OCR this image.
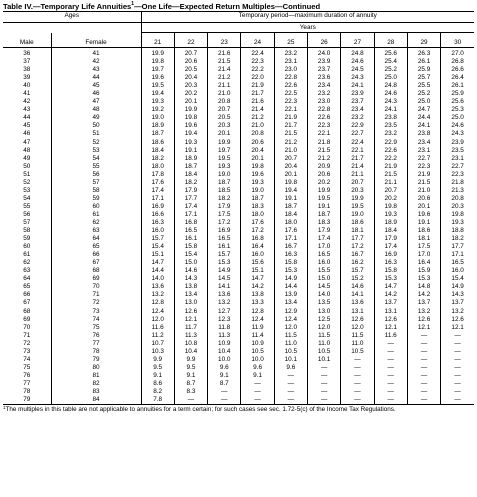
Table IV.—Temporary Life Annuities$^1$—One Life—Expected Return Multiples—Continued
Ages		Temporary period—maximum duration of annuity									
		Years									
Male	Female	21	22	23	24	25	26	27	28	29	30
36	41	19.9	20.7	21.6	22.4	23.2	24.0	24.8	25.6	26.3	27.0
37	42	19.8	20.6	21.5	22.3	23.1	23.9	24.6	25.4	26.1	26.8
38	43	19.7	20.5	21.4	22.2	23.0	23.7	24.5	25.2	25.9	26.6
39	44	19.6	20.4	21.2	22.0	22.8	23.6	24.3	25.0	25.7	26.4
40	45	19.5	20.3	21.1	21.9	22.6	23.4	24.1	24.8	25.5	26.1
41	46	19.4	20.2	21.0	21.7	22.5	23.2	23.9	24.6	25.2	25.9
42	47	19.3	20.1	20.8	21.6	22.3	23.0	23.7	24.3	25.0	25.6
43	48	19.2	19.9	20.7	21.4	22.1	22.8	23.4	24.1	24.7	25.3
44	49	19.0	19.8	20.5	21.2	21.9	22.6	23.2	23.8	24.4	25.0
45	50	18.9	19.6	20.3	21.0	21.7	22.3	22.9	23.5	24.1	24.6
46	51	18.7	19.4	20.1	20.8	21.5	22.1	22.7	23.2	23.8	24.3
47	52	18.6	19.3	19.9	20.6	21.2	21.8	22.4	22.9	23.4	23.9
48	53	18.4	19.1	19.7	20.4	21.0	21.5	22.1	22.6	23.1	23.5
49	54	18.2	18.9	19.5	20.1	20.7	21.2	21.7	22.2	22.7	23.1
50	55	18.0	18.7	19.3	19.8	20.4	20.9	21.4	21.9	22.3	22.7
51	56	17.8	18.4	19.0	19.6	20.1	20.6	21.1	21.5	21.9	22.3
52	57	17.6	18.2	18.7	19.3	19.8	20.2	20.7	21.1	21.5	21.8
53	58	17.4	17.9	18.5	19.0	19.4	19.9	20.3	20.7	21.0	21.3
54	59	17.1	17.7	18.2	18.7	19.1	19.5	19.9	20.2	20.6	20.8
55	60	16.9	17.4	17.9	18.3	18.7	19.1	19.5	19.8	20.1	20.3
56	61	16.6	17.1	17.5	18.0	18.4	18.7	19.0	19.3	19.6	19.8
57	62	16.3	16.8	17.2	17.6	18.0	18.3	18.6	18.9	19.1	19.3
58	63	16.0	16.5	16.9	17.2	17.6	17.9	18.1	18.4	18.6	18.8
59	64	15.7	16.1	16.5	16.8	17.1	17.4	17.7	17.9	18.1	18.2
60	65	15.4	15.8	16.1	16.4	16.7	17.0	17.2	17.4	17.5	17.7
61	66	15.1	15.4	15.7	16.0	16.3	16.5	16.7	16.9	17.0	17.1
62	67	14.7	15.0	15.3	15.6	15.8	16.0	16.2	16.3	16.4	16.5
63	68	14.4	14.6	14.9	15.1	15.3	15.5	15.7	15.8	15.9	16.0
64	69	14.0	14.3	14.5	14.7	14.9	15.0	15.2	15.3	15.3	15.4
65	70	13.6	13.8	14.1	14.2	14.4	14.5	14.6	14.7	14.8	14.9
66	71	13.2	13.4	13.6	13.8	13.9	14.0	14.1	14.2	14.2	14.3
67	72	12.8	13.0	13.2	13.3	13.4	13.5	13.6	13.7	13.7	13.7
68	73	12.4	12.6	12.7	12.8	12.9	13.0	13.1	13.1	13.2	13.2
69	74	12.0	12.1	12.3	12.4	12.4	12.5	12.6	12.6	12.6	12.6
70	75	11.6	11.7	11.8	11.9	12.0	12.0	12.0	12.1	12.1	12.1
71	76	11.2	11.3	11.3	11.4	11.5	11.5	11.5	11.6	—	—
72	77	10.7	10.8	10.9	10.9	11.0	11.0	11.0	—	—	—
73	78	10.3	10.4	10.4	10.5	10.5	10.5	10.5	—	—	—
74	79	9.9	9.9	10.0	10.0	10.1	10.1	—	—	—	—
75	80	9.5	9.5	9.6	9.6	9.6	—	—	—	—	—
76	81	9.1	9.1	9.1	9.1	—	—	—	—	—	—
77	82	8.6	8.7	8.7	—	—	—	—	—	—	—
78	83	8.2	8.3	—	—	—	—	—	—	—	—
79	84	7.8	—	—	—	—	—	—	—	—	—
$^1$The multiples in this table are not applicable to annuities for a term certain; for such cases see sec. 1.72-5(c) of the Income Tax Regulations.
